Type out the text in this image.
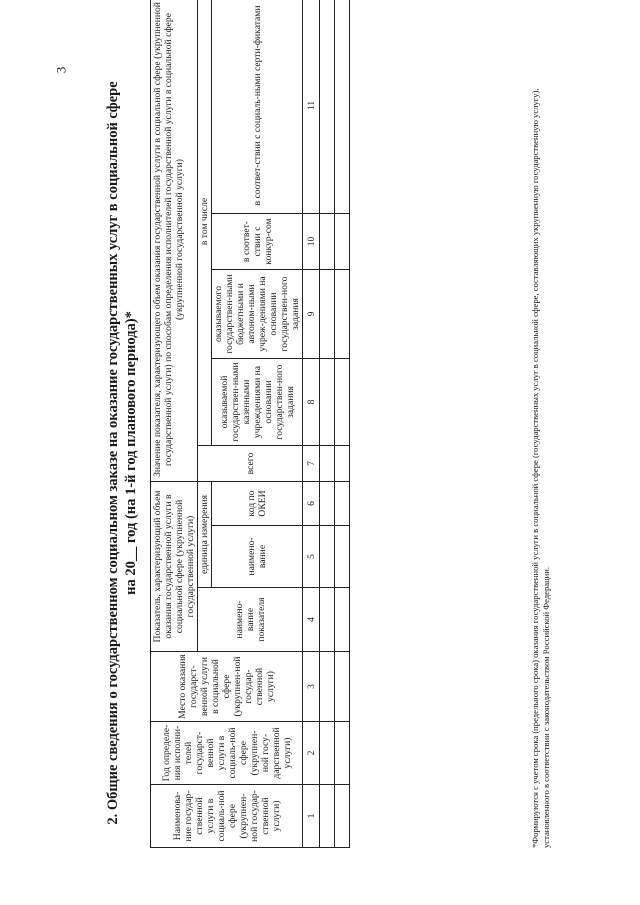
3
2. Общие сведения о государственном социальном заказе на оказание государственных услуг в социальной сфере на 20__ год (на 1-й год планового периода)*
Наименова-ние государ-ственной услуги в социаль-ной сфере (укрупнен-ной государ-ственной услуги)	Год определе-ния исполни-телей государст-венной услуги в социаль-ной сфере (укрупнен-ной госу-дарственной услуги)	Место оказания государст-венной услуги в социальной сфере (укрупнен-ной государ-ственной услуги)	Показатель, характеризующий объем оказания государственной услуги в социальной сфере (укрупненной государственной услуги)			Значение показателя, характеризующего объем оказания государственной услуги в социальной сфере (укрупненной государственной услуги) по способам определения исполнителей государственной услуги в социальной сфере (укрупненной государственной услуги)				
			наимено-вание показателя	единица измерения		всего	в том числе			
				наимено-вание	код по ОКЕИ		оказываемой государствен-ными казенными учреждениями на основании государствен-ного задания	оказываемого государствен-ными бюджетными и автоном-ными учреж-дениями на основании государствен-ного задания	в соответ-ствии с конкур-сом	в соответ-ствии с социаль-ными серти-фикатами

1	2	3	4	5	6	7	8	9	10	11

											*Формируются с учетом срока (предельного срока) оказания государственной услуги в социальной сфере (государственных услуг в социальной сфере, составляющих укрупненную государственную услугу), установленного в соответствии с законодательством Российской Федерации.
